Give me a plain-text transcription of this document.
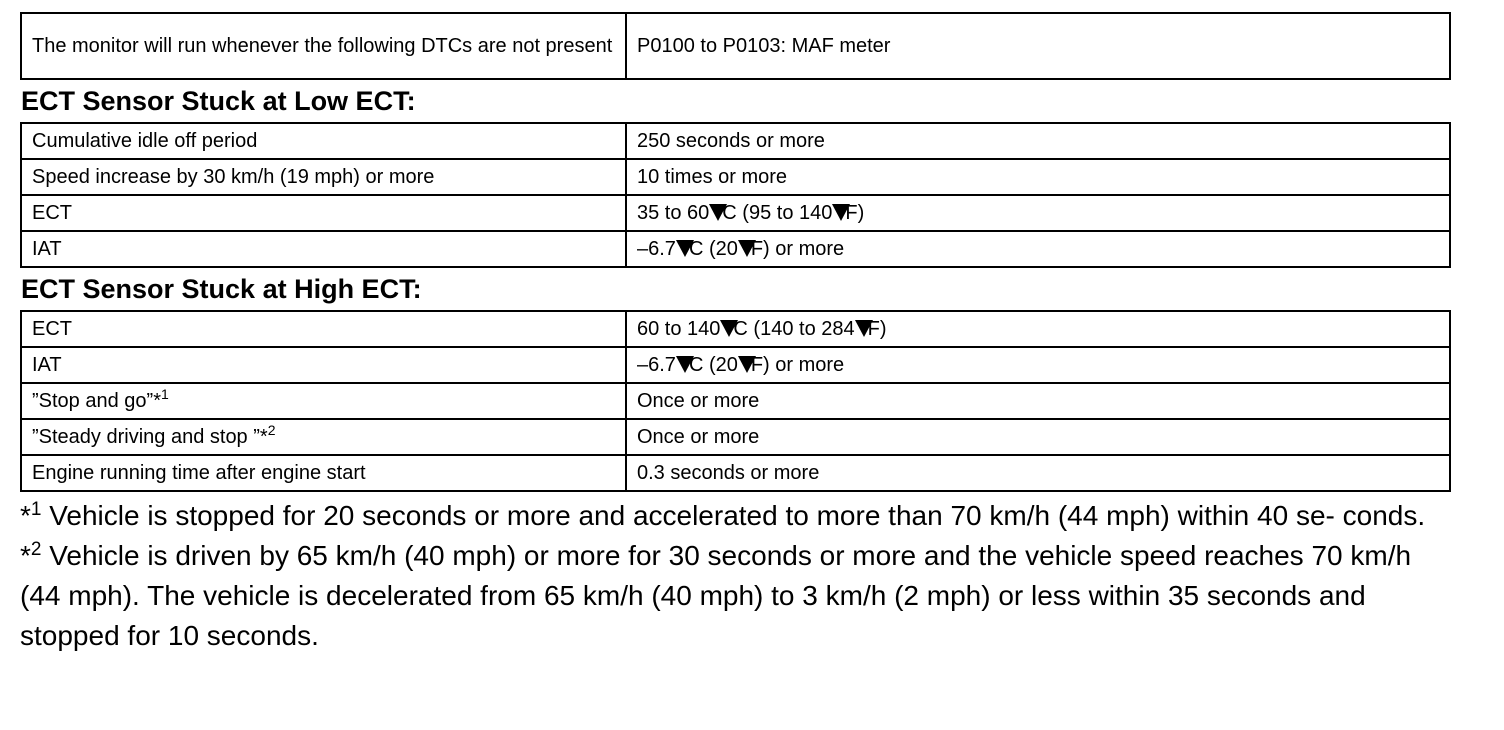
The monitor will run whenever the following DTCs are not present	P0100 to P0103: MAF meter
ECT Sensor Stuck at Low ECT:
Cumulative idle off period	250 seconds or more
Speed increase by 30 km/h (19 mph) or more	10 times or more
ECT	35 to 60 C (95 to 140 F)
IAT	–6.7 C (20 F) or more
ECT Sensor Stuck at High ECT:
ECT	60 to 140 C (140 to 284 F)
IAT	–6.7 C (20 F) or more
”Stop and go”*$^1$	Once or more
”Steady driving and stop ”*$^2$	Once or more
Engine running time after engine start	0.3 seconds or more

*$^1$ Vehicle is stopped for 20 seconds or more and accelerated to more than 70 km/h (44 mph) within 40 se- conds.

*$^2$ Vehicle is driven by 65 km/h (40 mph) or more for 30 seconds or more and the vehicle speed reaches 70 km/h (44 mph). The vehicle is decelerated from 65 km/h (40 mph) to 3 km/h (2 mph) or less within 35 seconds and stopped for 10 seconds.
